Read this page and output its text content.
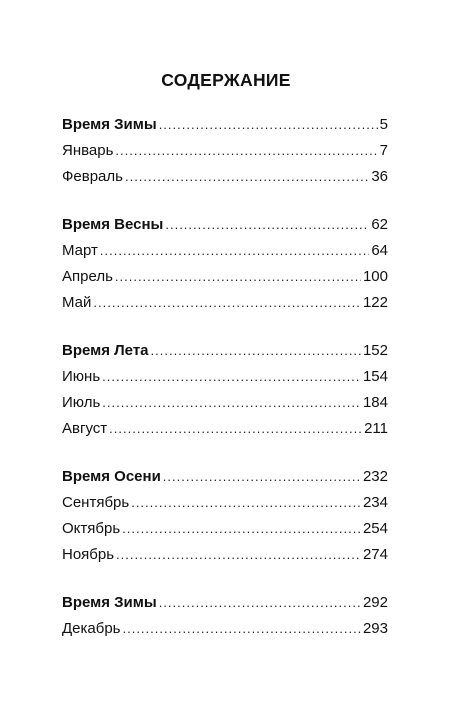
СОДЕРЖАНИЕ
Время Зимы .....	5
Январь .....	7
Февраль .....	36
Время Весны .....	62
Март .....	64
Апрель .....	100
Май .....	122
Время Лета .....	152
Июнь .....	154
Июль .....	184
Август .....	211
Время Осени .....	232
Сентябрь .....	234
Октябрь .....	254
Ноябрь .....	274
Время Зимы .....	292
Декабрь .....	293
